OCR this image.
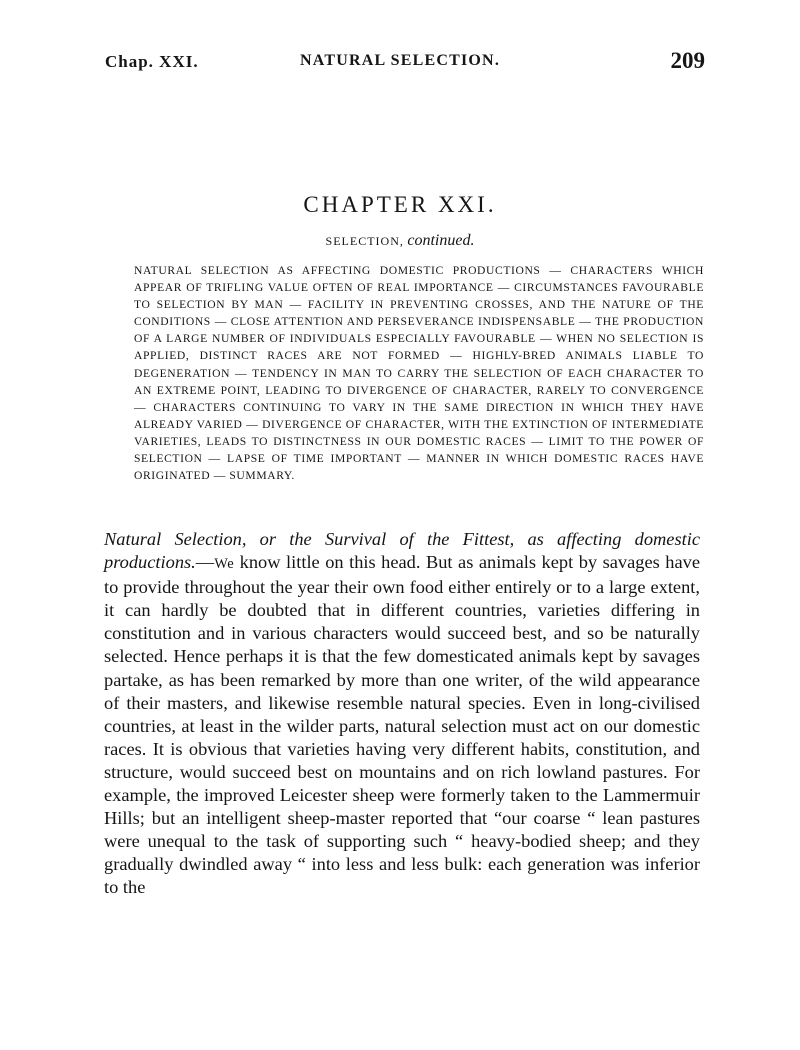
Chap. XXI.	NATURAL SELECTION.	209
CHAPTER XXI.
SELECTION, continued.
NATURAL SELECTION AS AFFECTING DOMESTIC PRODUCTIONS — CHARACTERS WHICH APPEAR OF TRIFLING VALUE OFTEN OF REAL IMPORTANCE — CIRCUMSTANCES FAVOURABLE TO SELECTION BY MAN — FACILITY IN PREVENTING CROSSES, AND THE NATURE OF THE CONDITIONS — CLOSE ATTENTION AND PERSEVERANCE INDISPENSABLE — THE PRODUCTION OF A LARGE NUMBER OF INDIVIDUALS ESPECIALLY FAVOURABLE — WHEN NO SELECTION IS APPLIED, DISTINCT RACES ARE NOT FORMED — HIGHLY-BRED ANIMALS LIABLE TO DEGENERATION — TENDENCY IN MAN TO CARRY THE SELECTION OF EACH CHARACTER TO AN EXTREME POINT, LEADING TO DIVERGENCE OF CHARACTER, RARELY TO CONVERGENCE — CHARACTERS CONTINUING TO VARY IN THE SAME DIRECTION IN WHICH THEY HAVE ALREADY VARIED — DIVERGENCE OF CHARACTER, WITH THE EXTINCTION OF INTERMEDIATE VARIETIES, LEADS TO DISTINCTNESS IN OUR DOMESTIC RACES — LIMIT TO THE POWER OF SELECTION — LAPSE OF TIME IMPORTANT — MANNER IN WHICH DOMESTIC RACES HAVE ORIGINATED — SUMMARY.
Natural Selection, or the Survival of the Fittest, as affecting domestic productions.—We know little on this head. But as animals kept by savages have to provide throughout the year their own food either entirely or to a large extent, it can hardly be doubted that in different countries, varieties differing in constitution and in various characters would succeed best, and so be naturally selected. Hence perhaps it is that the few domesticated animals kept by savages partake, as has been remarked by more than one writer, of the wild appearance of their masters, and likewise resemble natural species. Even in long-civilised countries, at least in the wilder parts, natural selection must act on our domestic races. It is obvious that varieties having very different habits, constitution, and structure, would succeed best on mountains and on rich lowland pastures. For example, the improved Leicester sheep were formerly taken to the Lammermuir Hills; but an intelligent sheep-master reported that “our coarse “ lean pastures were unequal to the task of supporting such “ heavy-bodied sheep; and they gradually dwindled away “ into less and less bulk: each generation was inferior to the
